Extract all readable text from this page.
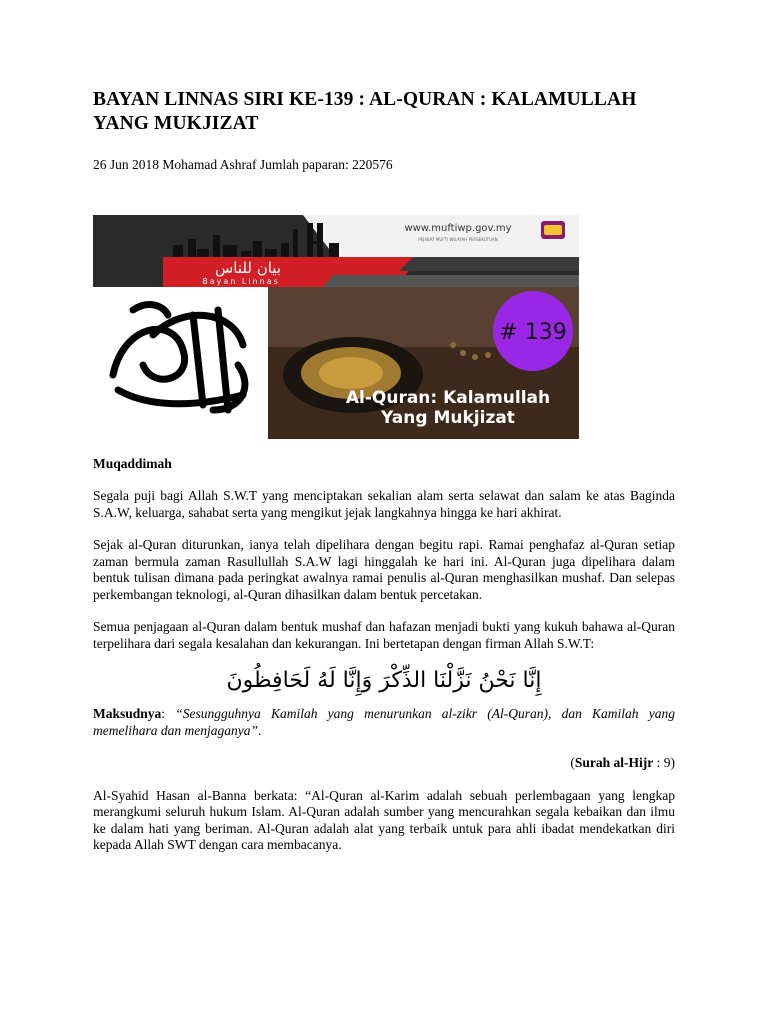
BAYAN LINNAS SIRI KE-139 : AL-QURAN : KALAMULLAH YANG MUKJIZAT
26 Jun 2018 Mohamad Ashraf Jumlah paparan: 220576
بيان للناس
Bayan Linnas
www.muftiwp.gov.my
PEJABAT MUFTI WILAYAH PERSEKUTUAN
# 139
Al-Quran: Kalamullah
Yang Mukjizat
Muqaddimah

Segala puji bagi Allah S.W.T yang menciptakan sekalian alam serta selawat dan salam ke atas Baginda S.A.W, keluarga, sahabat serta yang mengikut jejak langkahnya hingga ke hari akhirat.

Sejak al-Quran diturunkan, ianya telah dipelihara dengan begitu rapi. Ramai penghafaz al-Quran setiap zaman bermula zaman Rasullullah S.A.W lagi hinggalah ke hari ini. Al-Quran juga dipelihara dalam bentuk tulisan dimana pada peringkat awalnya ramai penulis al-Quran menghasilkan mushaf. Dan selepas perkembangan teknologi, al-Quran dihasilkan dalam bentuk percetakan.

Semua penjagaan al-Quran dalam bentuk mushaf dan hafazan menjadi bukti yang kukuh bahawa al-Quran terpelihara dari segala kesalahan dan kekurangan. Ini bertetapan dengan firman Allah S.W.T:

إِنَّا نَحْنُ نَزَّلْنَا الذِّكْرَ وَإِنَّا لَهُ لَحَافِظُونَ

Maksudnya: “Sesungguhnya Kamilah yang menurunkan al-zikr (Al-Quran), dan Kamilah yang memelihara dan menjaganya”.

(Surah al-Hijr : 9)

Al-Syahid Hasan al-Banna berkata: “Al-Quran al-Karim adalah sebuah perlembagaan yang lengkap merangkumi seluruh hukum Islam. Al-Quran adalah sumber yang mencurahkan segala kebaikan dan ilmu ke dalam hati yang beriman. Al-Quran adalah alat yang terbaik untuk para ahli ibadat mendekatkan diri kepada Allah SWT dengan cara membacanya.
